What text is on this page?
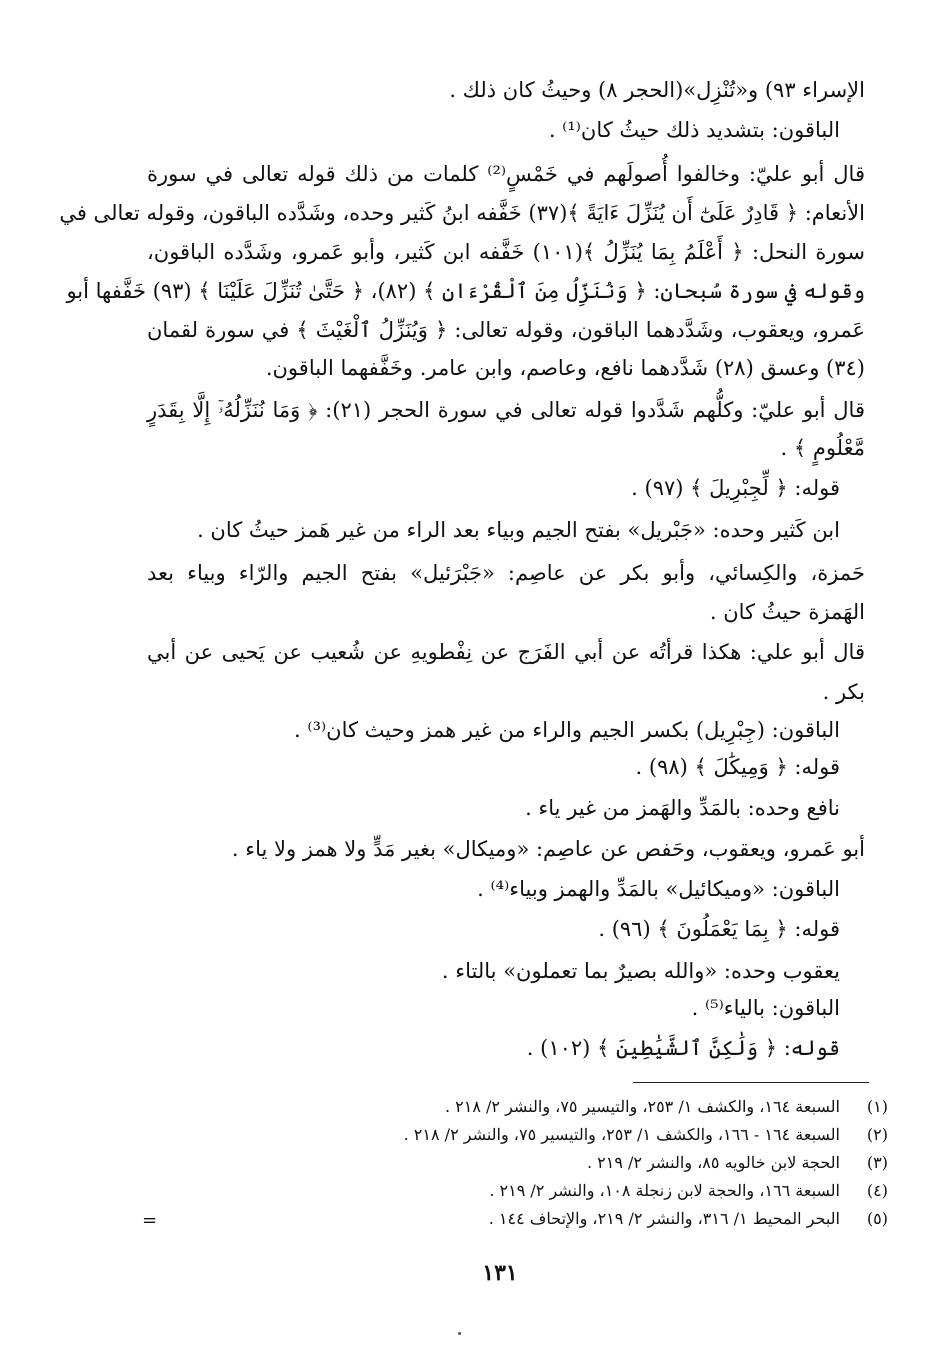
الإسراء ٩٣) و«تُنْزِل»(الحجر ٨) وحيثُ كان ذلك .
الباقون: بتشديد ذلك حيثُ كان⁽¹⁾ .
قال أبو عليّ: وخالفوا أُصولَهم في خَمْسٍ⁽²⁾ كلمات من ذلك قوله تعالى في سورة
الأنعام: ﴿ قَادِرٌ عَلَىٰٓ أَن يُنَزِّلَ ءَايَةً ﴾(٣٧) خَفَّفه ابنُ كَثير وحده، وشَدَّده الباقون، وقوله تعالى في
سورة النحل: ﴿ أَعْلَمُ بِمَا يُنَزِّلُ ﴾(١٠١) خَفَّفه ابن كَثير، وأبو عَمرو، وشَدَّده الباقون،
وقوله في سورة سُبحان: ﴿ وَنُنَزِّلُ مِنَ ٱلْقُرْءَانِ ﴾ (٨٢)، ﴿ حَتَّىٰ تُنَزِّلَ عَلَيْنَا ﴾ (٩٣) خَفَّفها أبو
عَمرو، ويعقوب، وشَدَّدهما الباقون، وقوله تعالى: ﴿ وَيُنَزِّلُ ٱلْغَيْثَ ﴾ في سورة لقمان
(٣٤) وعسق (٢٨) شَدَّدهما نافع، وعاصم، وابن عامر. وخَفَّفهما الباقون.
قال أبو عليّ: وكلُّهم شَدَّدوا قوله تعالى في سورة الحجر (٢١): ﴿ وَمَا نُنَزِّلُهُۥٓ إِلَّا بِقَدَرٍ
مَّعْلُومٍ ﴾ .
قوله: ﴿ لِّجِبْرِيلَ ﴾ (٩٧) .
ابن كَثير وحده: «جَبْريل» بفتح الجيم وبياء بعد الراء من غير هَمز حيثُ كان .
حَمزة، والكِسائي، وأبو بكر عن عاصِم: «جَبْرَئيل» بفتح الجيم والرّاء وبياء بعد
الهَمزة حيثُ كان .
قال أبو علي: هكذا قرأتُه عن أبي الفَرَج عن نِفْطويهِ عن شُعيب عن يَحيى عن أبي
بكر .
الباقون: (جِبْرِيل) بكسر الجيم والراء من غير همز وحيث كان⁽³⁾ .
قوله: ﴿ وَمِيكَٰلَ ﴾ (٩٨) .
نافع وحده: بالمَدِّ والهَمز من غير ياء .
أبو عَمرو، ويعقوب، وحَفص عن عاصِم: «وميكال» بغير مَدٍّ ولا همز ولا ياء .
الباقون: «وميكائيل» بالمَدِّ والهمز وبياء⁽⁴⁾ .
قوله: ﴿ بِمَا يَعْمَلُونَ ﴾ (٩٦) .
يعقوب وحده: «والله بصيرٌ بما تعملون» بالتاء .
الباقون: بالياء⁽⁵⁾ .
قوله: ﴿ وَلَٰكِنَّ ٱلشَّيَٰطِينَ ﴾ (١٠٢) .
(١)
السبعة ١٦٤، والكشف ١/ ٢٥٣، والتيسير ٧٥، والنشر ٢/ ٢١٨ .
(٢)
السبعة ١٦٤ - ١٦٦، والكشف ١/ ٢٥٣، والتيسير ٧٥، والنشر ٢/ ٢١٨ .
(٣)
الحجة لابن خالويه ٨٥، والنشر ٢/ ٢١٩ .
(٤)
السبعة ١٦٦، والحجة لابن زنجلة ١٠٨، والنشر ٢/ ٢١٩ .
(٥)
البحر المحيط ١/ ٣١٦، والنشر ٢/ ٢١٩، والإتحاف ١٤٤ .
=
١٣١
